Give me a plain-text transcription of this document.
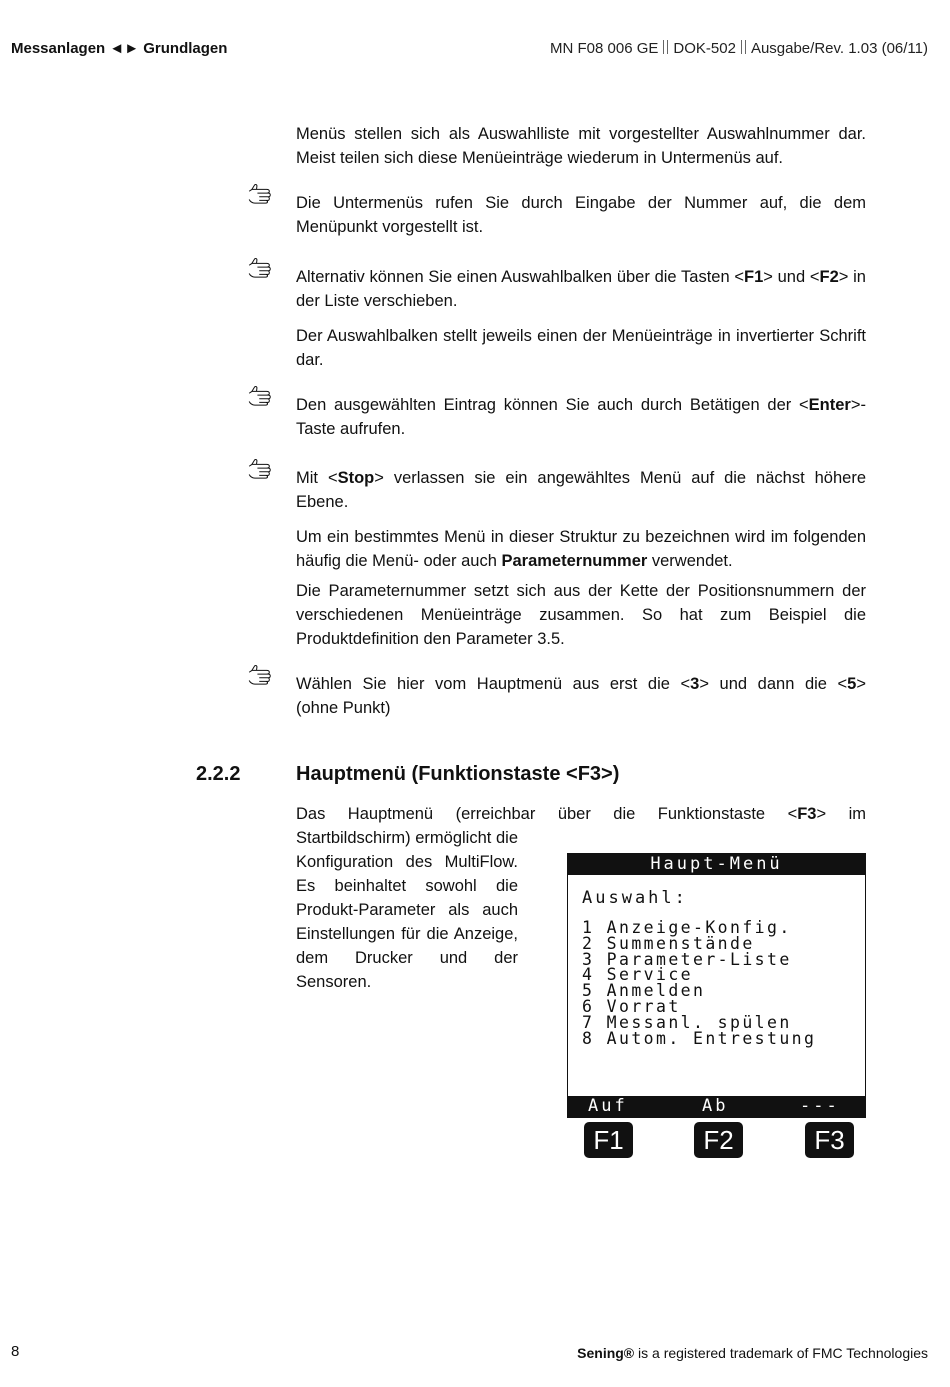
Messanlagen ◄► Grundlagen	MN F08 006 GE DOK-502 Ausgabe/Rev. 1.03 (06/11)
Menüs stellen sich als Auswahlliste mit vorgestellter Auswahlnummer dar. Meist teilen sich diese Menüeinträge wiederum in Untermenüs auf.
Die Untermenüs rufen Sie durch Eingabe der Nummer auf, die dem Menüpunkt vorgestellt ist.
Alternativ können Sie einen Auswahlbalken über die Tasten <F1> und <F2> in der Liste verschieben.
Der Auswahlbalken stellt jeweils einen der Menüeinträge in invertierter Schrift dar.
Den ausgewählten Eintrag können Sie auch durch Betätigen der <Enter>-Taste aufrufen.
Mit <Stop> verlassen sie ein angewähltes Menü auf die nächst höhere Ebene.
Um ein bestimmtes Menü in dieser Struktur zu bezeichnen wird im folgenden häufig die Menü- oder auch Parameternummer verwendet.
Die Parameternummer setzt sich aus der Kette der Positionsnummern der verschiedenen Menüeinträge zusammen. So hat zum Beispiel die Produktdefinition den Parameter 3.5.
Wählen Sie hier vom Hauptmenü aus erst die <3> und dann die <5>
(ohne Punkt)
2.2.2	Hauptmenü (Funktionstaste <F3>)
Das Hauptmenü (erreichbar über die Funktionstaste <F3> im
Startbildschirm) ermöglicht die Konfiguration des MultiFlow. Es beinhaltet sowohl die Produkt-Parameter als auch Einstellungen für die Anzeige, dem Drucker und der Sensoren.
Haupt-Menü
Auswahl:
1 Anzeige-Konfig.
2 Summenstände
3 Parameter-Liste
4 Service
5 Anmelden
6 Vorrat
7 Messanl. spülen
8 Autom. Entrestung
Auf	Ab	---
F1	F2	F3
8	Sening® is a registered trademark of FMC Technologies
